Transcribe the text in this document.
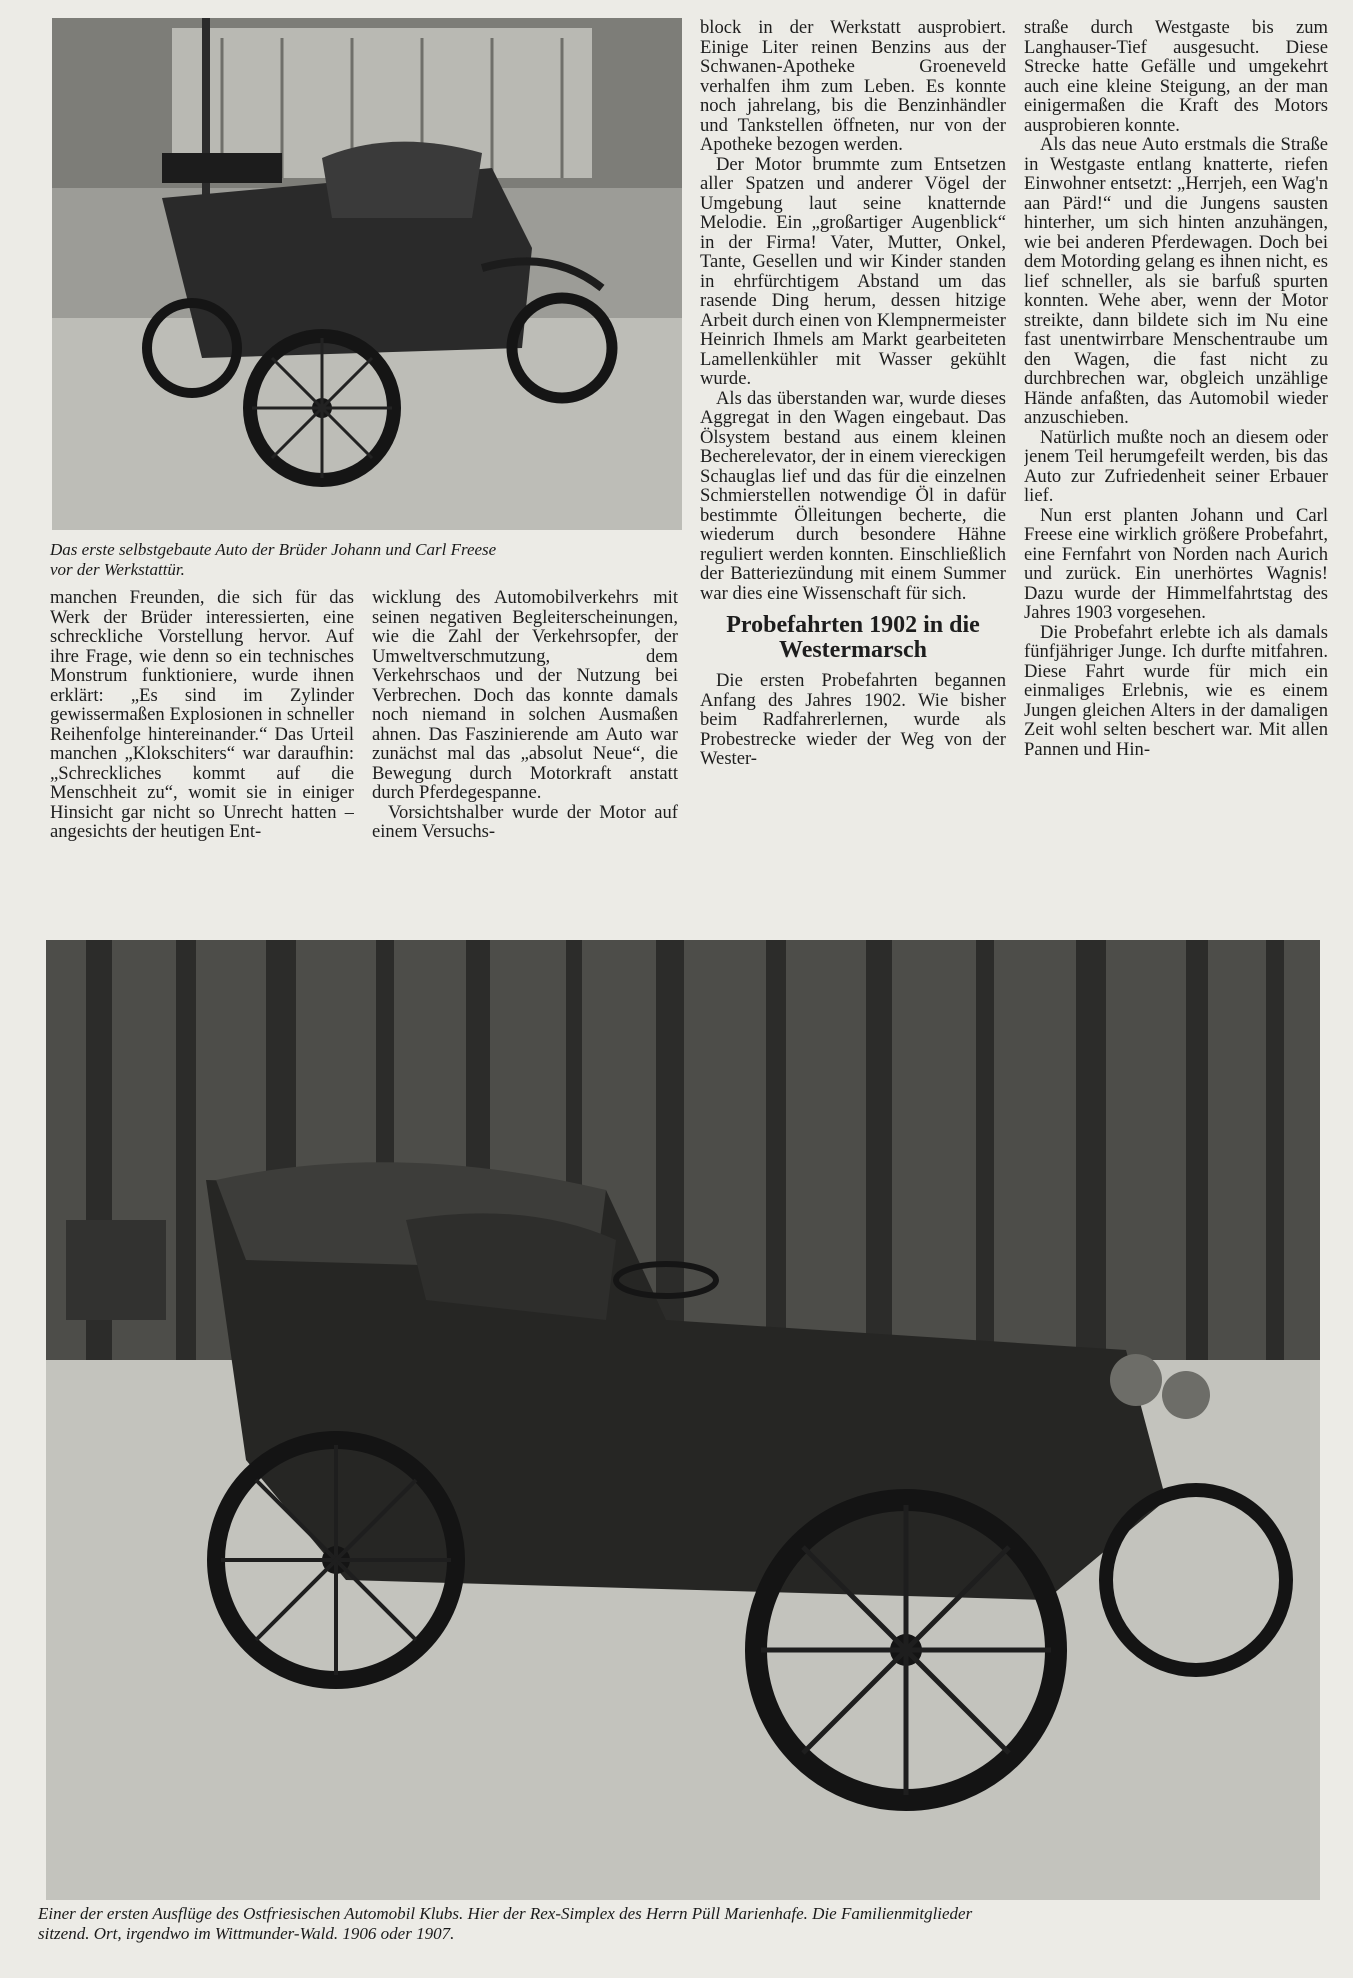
Das erste selbstgebaute Auto der Brüder Johann und Carl Freese
vor der Werkstattür.

manchen Freunden, die sich für das Werk der Brüder interessierten, eine schreckliche Vorstellung hervor. Auf ihre Frage, wie denn so ein technisches Monstrum funktioniere, wurde ihnen erklärt: „Es sind im Zylinder gewissermaßen Explosionen in schneller Reihenfolge hintereinander.“ Das Urteil manchen „Klokschiters“ war daraufhin: „Schreckliches kommt auf die Menschheit zu“, womit sie in einiger Hinsicht gar nicht so Unrecht hatten – angesichts der heutigen Ent-

wicklung des Automobilverkehrs mit seinen negativen Begleiterscheinungen, wie die Zahl der Verkehrsopfer, der Umweltverschmutzung, dem Verkehrschaos und der Nutzung bei Verbrechen. Doch das konnte damals noch niemand in solchen Ausmaßen ahnen. Das Faszinierende am Auto war zunächst mal das „absolut Neue“, die Bewegung durch Motorkraft anstatt durch Pferdegespanne.

Vorsichtshalber wurde der Motor auf einem Versuchs-

block in der Werkstatt ausprobiert. Einige Liter reinen Benzins aus der Schwanen-Apotheke Groeneveld verhalfen ihm zum Leben. Es konnte noch jahrelang, bis die Benzinhändler und Tankstellen öffneten, nur von der Apotheke bezogen werden.

Der Motor brummte zum Entsetzen aller Spatzen und anderer Vögel der Umgebung laut seine knatternde Melodie. Ein „großartiger Augenblick“ in der Firma! Vater, Mutter, Onkel, Tante, Gesellen und wir Kinder standen in ehrfürchtigem Abstand um das rasende Ding herum, dessen hitzige Arbeit durch einen von Klempnermeister Heinrich Ihmels am Markt gearbeiteten Lamellenkühler mit Wasser gekühlt wurde.

Als das überstanden war, wurde dieses Aggregat in den Wagen eingebaut. Das Ölsystem bestand aus einem kleinen Becherelevator, der in einem viereckigen Schauglas lief und das für die einzelnen Schmierstellen notwendige Öl in dafür bestimmte Ölleitungen becherte, die wiederum durch besondere Hähne reguliert werden konnten. Einschließlich der Batteriezündung mit einem Summer war dies eine Wissenschaft für sich.

Probefahrten 1902 in die
Westermarsch

Die ersten Probefahrten begannen Anfang des Jahres 1902. Wie bisher beim Radfahrerlernen, wurde als Probestrecke wieder der Weg von der Wester-

straße durch Westgaste bis zum Langhauser-Tief ausgesucht. Diese Strecke hatte Gefälle und umgekehrt auch eine kleine Steigung, an der man einigermaßen die Kraft des Motors ausprobieren konnte.

Als das neue Auto erstmals die Straße in Westgaste entlang knatterte, riefen Einwohner entsetzt: „Herrjeh, een Wag'n aan Pärd!“ und die Jungens sausten hinterher, um sich hinten anzuhängen, wie bei anderen Pferdewagen. Doch bei dem Motording gelang es ihnen nicht, es lief schneller, als sie barfuß spurten konnten. Wehe aber, wenn der Motor streikte, dann bildete sich im Nu eine fast unentwirrbare Menschentraube um den Wagen, die fast nicht zu durchbrechen war, obgleich unzählige Hände anfaßten, das Automobil wieder anzuschieben.

Natürlich mußte noch an diesem oder jenem Teil herumgefeilt werden, bis das Auto zur Zufriedenheit seiner Erbauer lief.

Nun erst planten Johann und Carl Freese eine wirklich größere Probefahrt, eine Fernfahrt von Norden nach Aurich und zurück. Ein unerhörtes Wagnis! Dazu wurde der Himmelfahrtstag des Jahres 1903 vorgesehen.

Die Probefahrt erlebte ich als damals fünfjähriger Junge. Ich durfte mitfahren. Diese Fahrt wurde für mich ein einmaliges Erlebnis, wie es einem Jungen gleichen Alters in der damaligen Zeit wohl selten beschert war. Mit allen Pannen und Hin-

Einer der ersten Ausflüge des Ostfriesischen Automobil Klubs. Hier der Rex-Simplex des Herrn Püll Marienhafe. Die Familienmitglieder
sitzend. Ort, irgendwo im Wittmunder-Wald. 1906 oder 1907.
